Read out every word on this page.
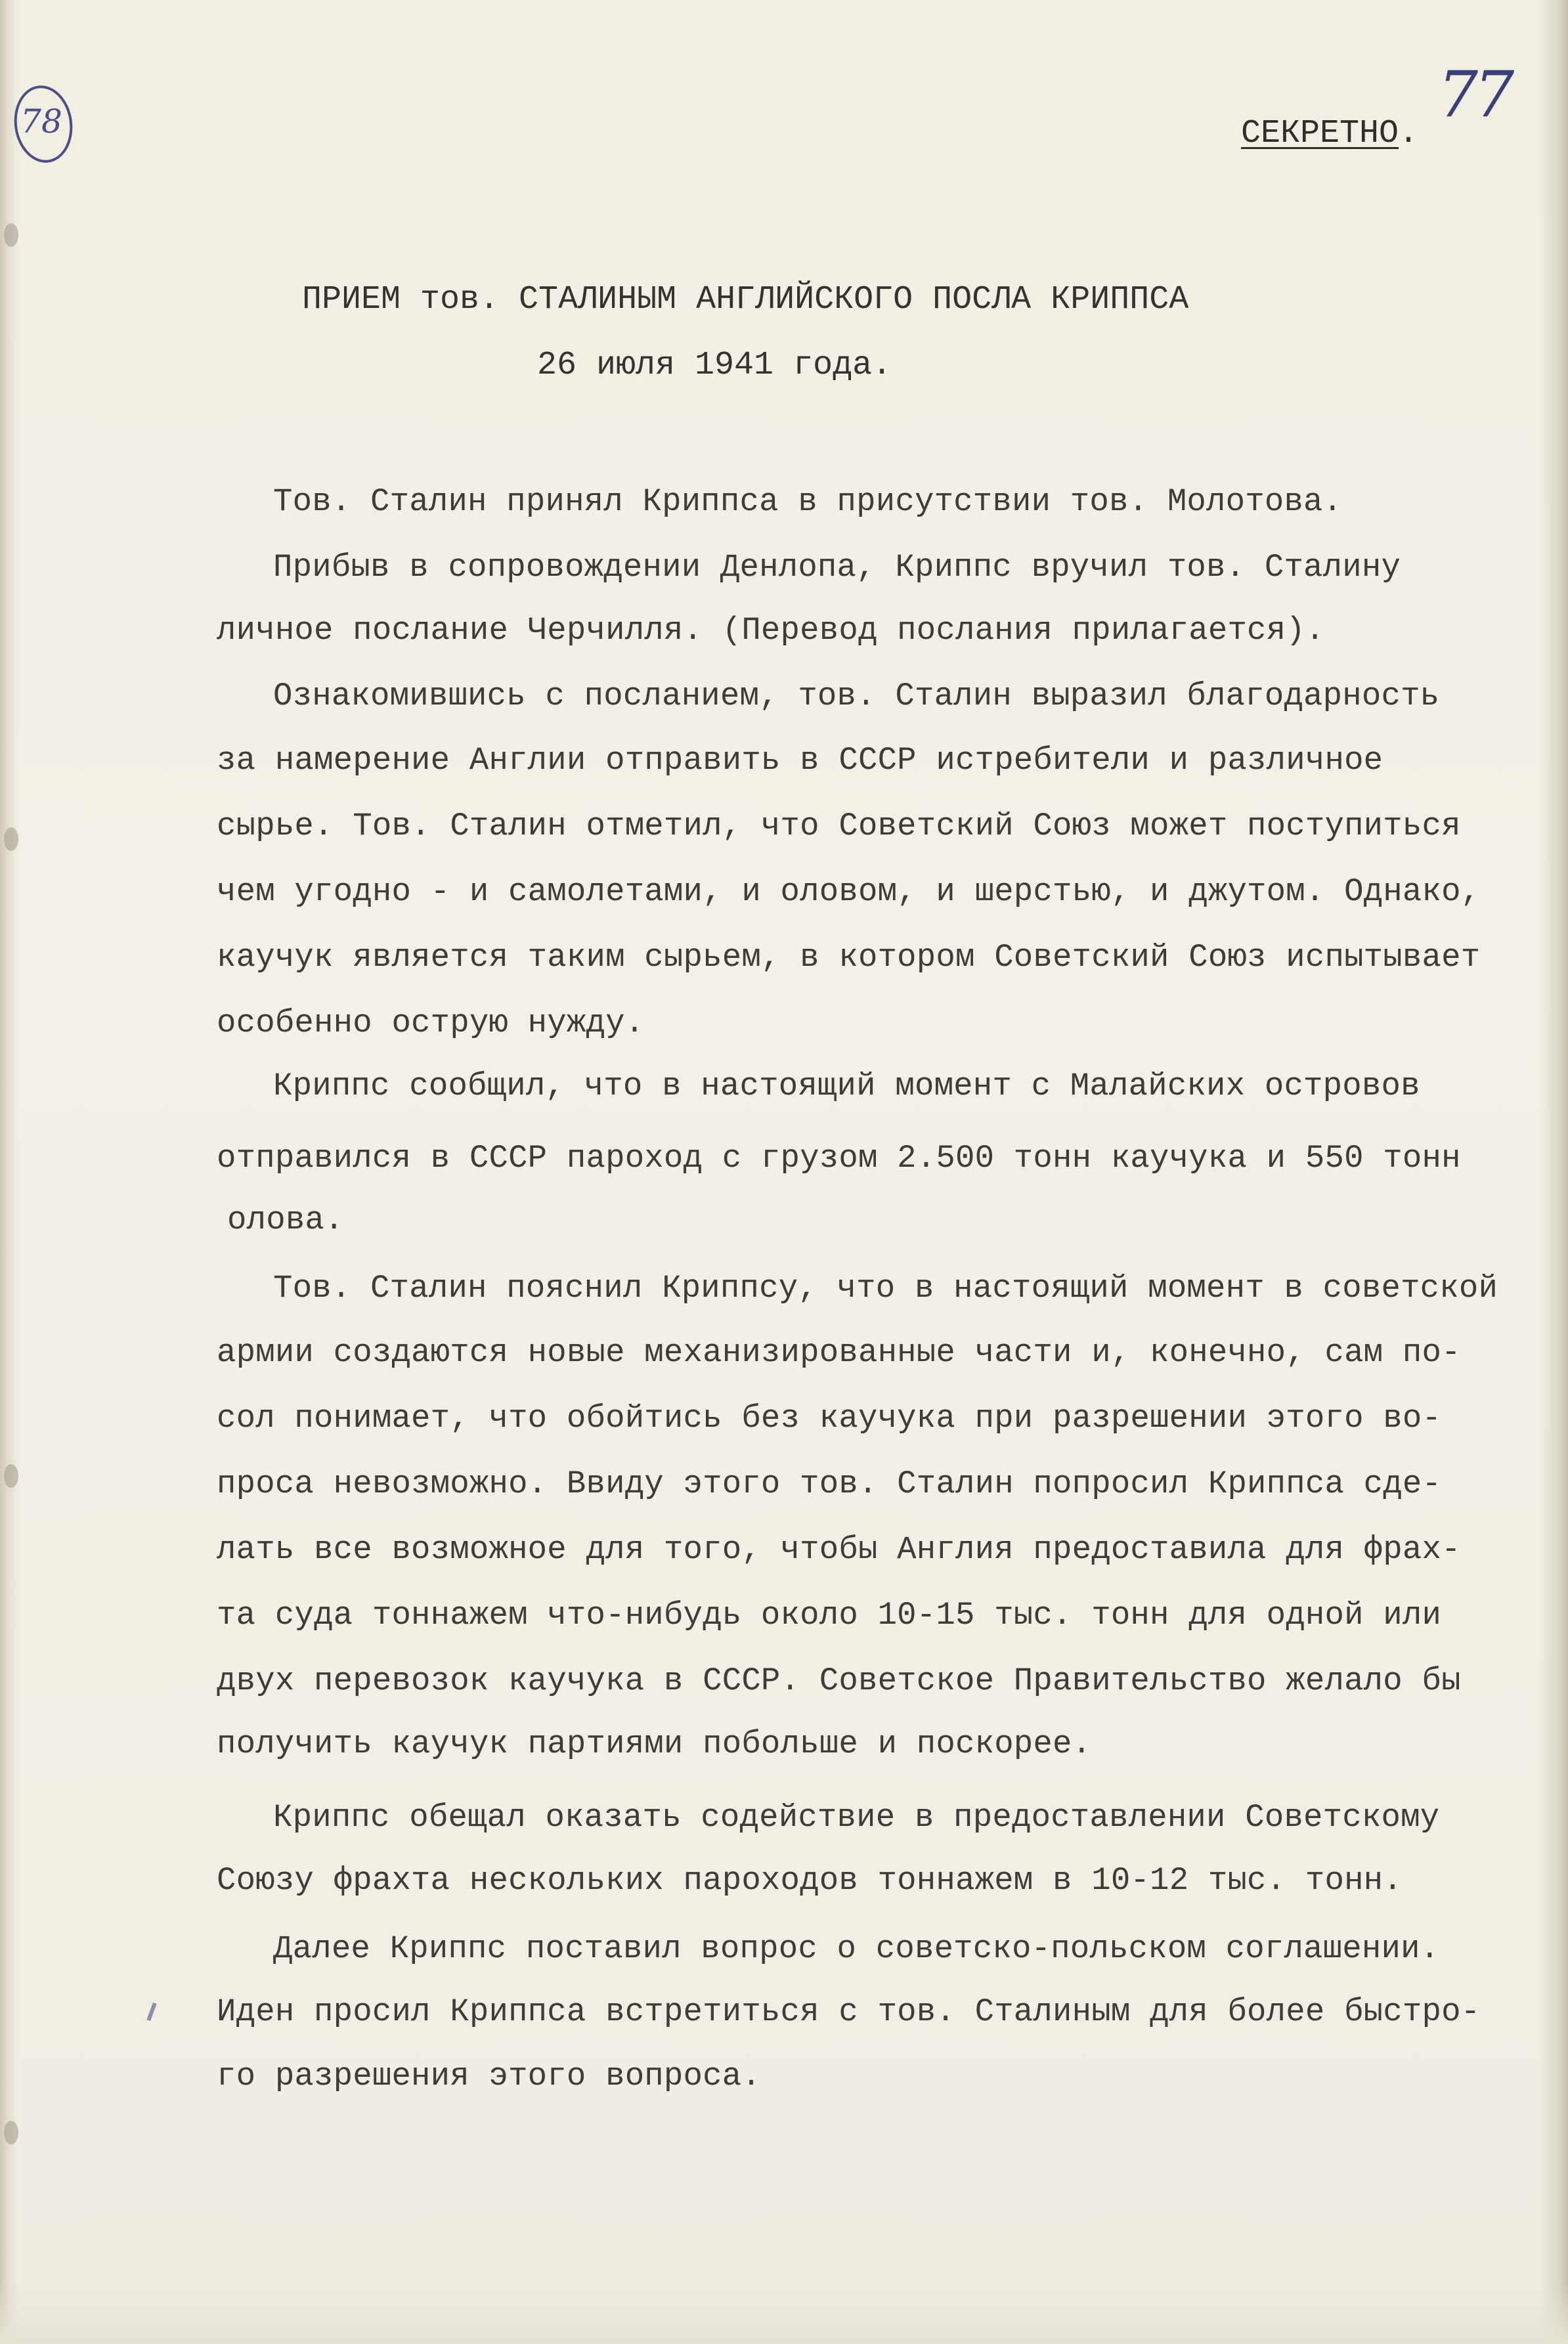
78	77
СЕКРЕТНО.
ПРИЕМ тов. СТАЛИНЫМ АНГЛИЙСКОГО ПОСЛА КРИППСА
26 июля 1941 года.
Тов. Сталин принял Криппса в присутствии тов. Молотова.
Прибыв в сопровождении Денлопа, Криппс вручил тов. Сталину
личное послание Черчилля. (Перевод послания прилагается).
Ознакомившись с посланием, тов. Сталин выразил благодарность
за намерение Англии отправить в СССР истребители и различное
сырье. Тов. Сталин отметил, что Советский Союз может поступиться
чем угодно - и самолетами, и оловом, и шерстью, и джутом. Однако,
каучук является таким сырьем, в котором Советский Союз испытывает
особенно острую нужду.
Криппс сообщил, что в настоящий момент с Малайских островов
отправился в СССР пароход с грузом 2.500 тонн каучука и 550 тонн
олова.
Тов. Сталин пояснил Криппсу, что в настоящий момент в советской
армии создаются новые механизированные части и, конечно, сам по-
сол понимает, что обойтись без каучука при разрешении этого во-
проса невозможно. Ввиду этого тов. Сталин попросил Криппса сде-
лать все возможное для того, чтобы Англия предоставила для фрах-
та суда тоннажем что-нибудь около 10-15 тыс. тонн для одной или
двух перевозок каучука в СССР. Советское Правительство желало бы
получить каучук партиями побольше и поскорее.
Криппс обещал оказать содействие в предоставлении Советскому
Союзу фрахта нескольких пароходов тоннажем в 10-12 тыс. тонн.
Далее Криппс поставил вопрос о советско-польском соглашении.
Иден просил Криппса встретиться с тов. Сталиным для более быстро-
го разрешения этого вопроса.
